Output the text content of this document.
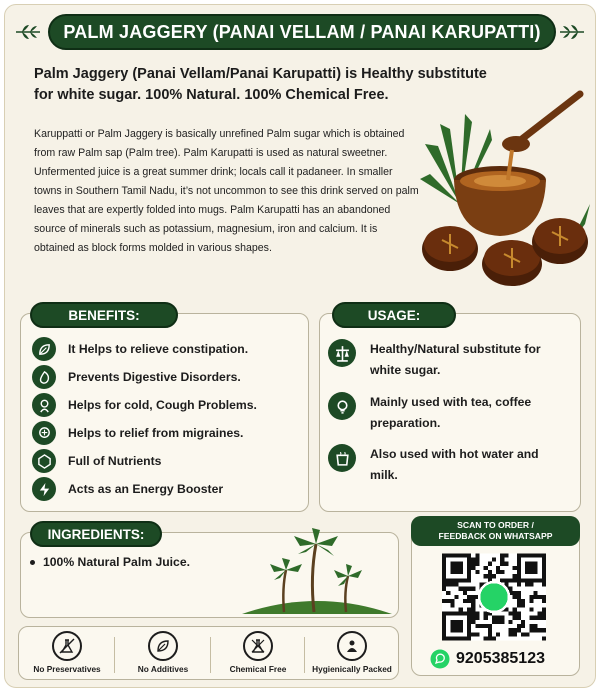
PALM JAGGERY (PANAI VELLAM / PANAI KARUPATTI)
Palm Jaggery (Panai Vellam/Panai Karupatti) is Healthy substitute for white sugar. 100% Natural. 100% Chemical Free.
Karuppatti or Palm Jaggery is basically unrefined Palm sugar which is obtained from raw Palm sap (Palm tree). Palm Karupatti is used as natural sweetner. Unfermented juice is a great summer drink; locals call it padaneer. In smaller towns in Southern Tamil Nadu, it’s not uncommon to see this drink served on palm leaves that are expertly folded into mugs. Palm Karupatti has an abandoned source of minerals such as potassium, magnesium, iron and calcium. It is obtained as block forms molded in various shapes.
BENEFITS:
It Helps to relieve constipation.
Prevents Digestive Disorders.
Helps for cold, Cough Problems.
Helps to relief from migraines.
Full of Nutrients
Acts as an Energy Booster
USAGE:
Healthy/Natural substitute for white sugar.
Mainly used with tea, coffee preparation.
Also used with hot water and milk.
INGREDIENTS:
100% Natural Palm Juice.
SCAN TO ORDER /
FEEDBACK ON WHATSAPP
9205385123
No Preservatives	No Additives	Chemical Free	Hygienically Packed
